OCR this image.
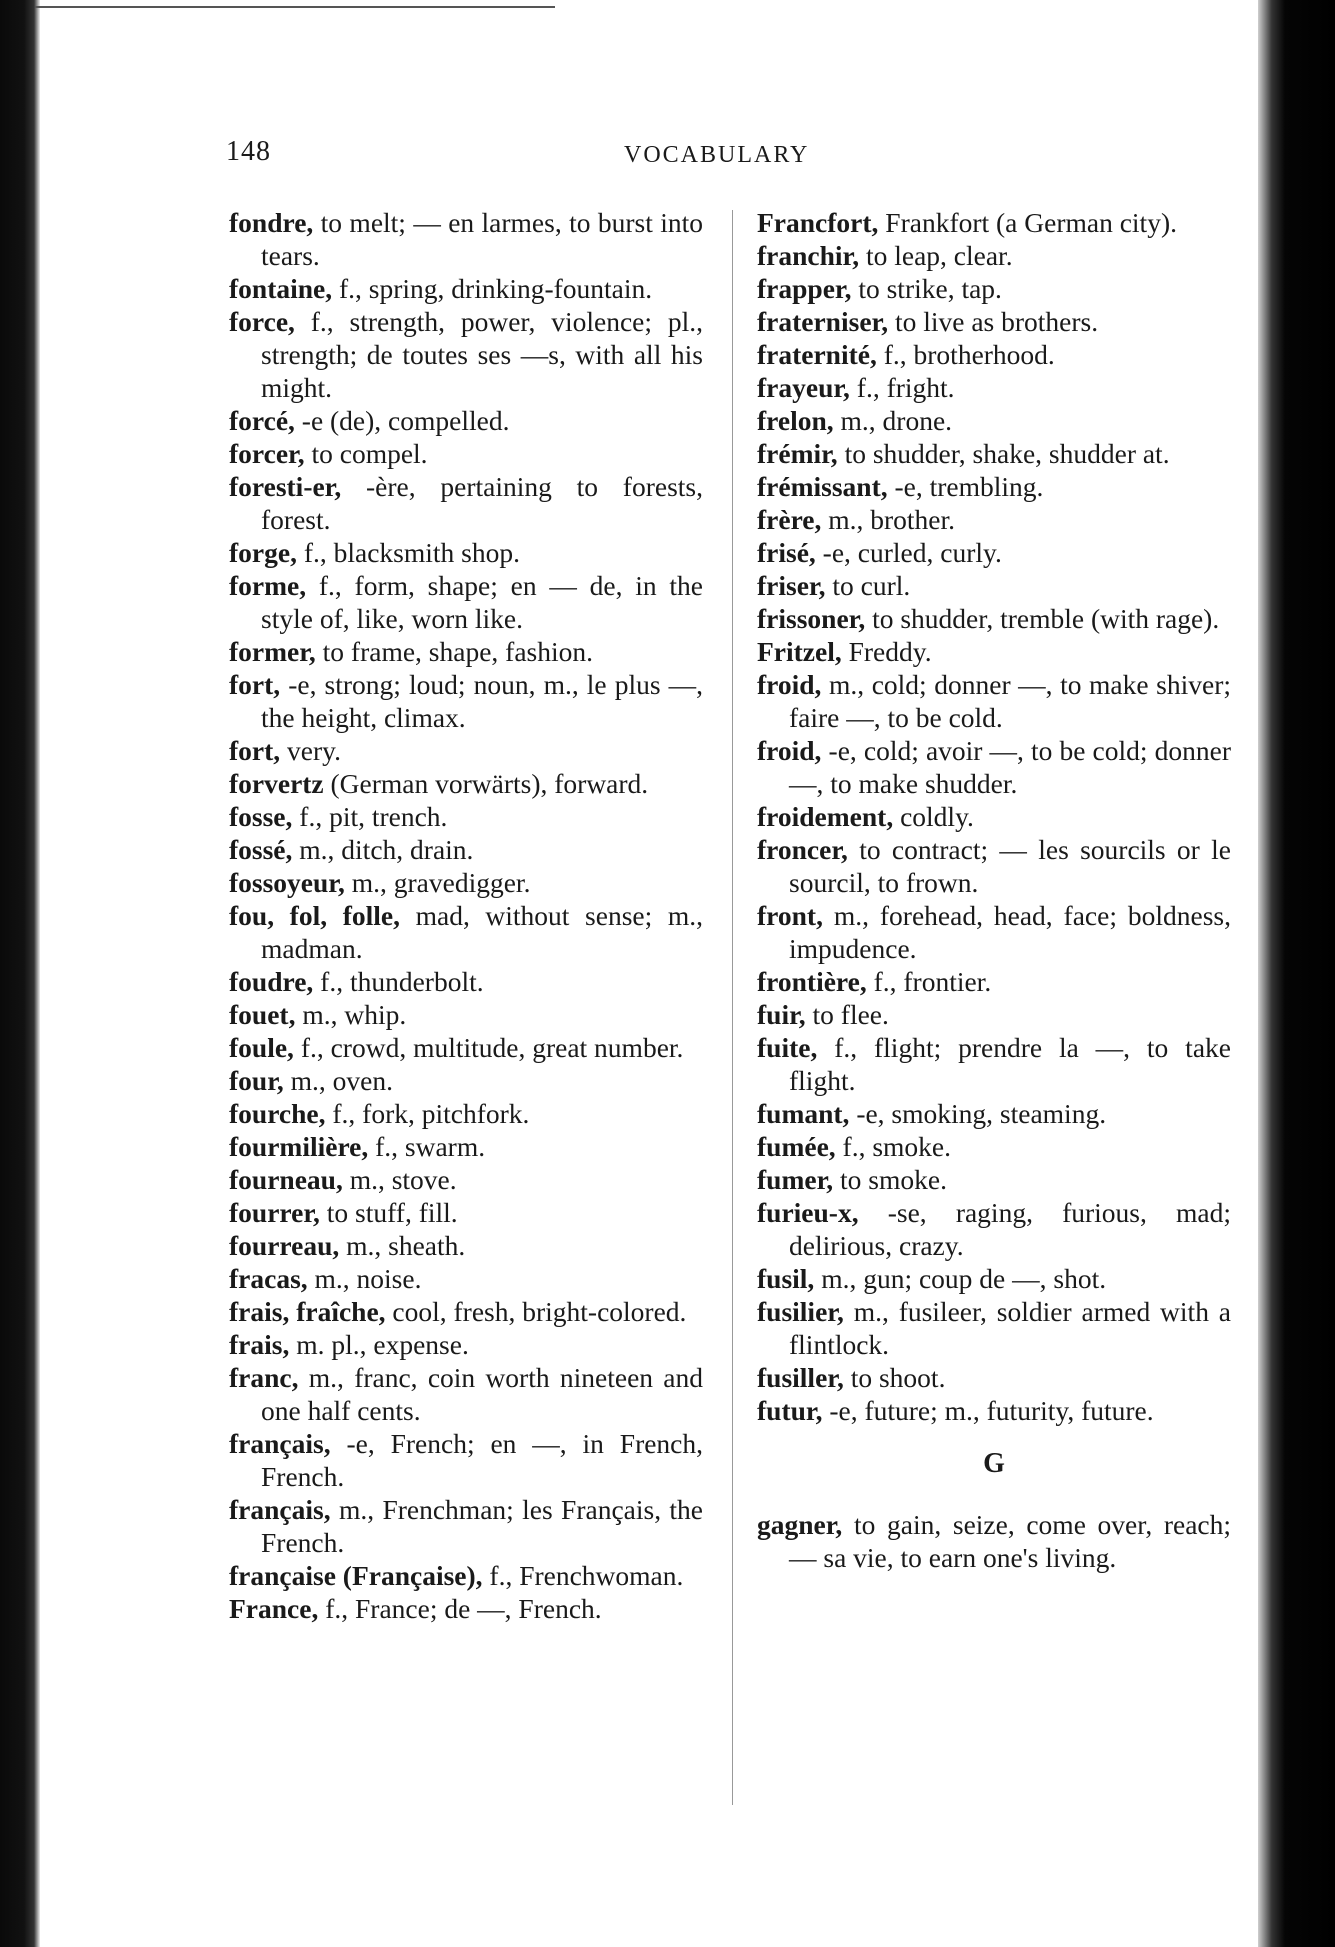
148	VOCABULARY
fondre, to melt; — en larmes, to burst into tears.
fontaine, f., spring, drinking-fountain.
force, f., strength, power, violence; pl., strength; de toutes ses —s, with all his might.
forcé, -e (de), compelled.
forcer, to compel.
foresti-er, -ère, pertaining to forests, forest.
forge, f., blacksmith shop.
forme, f., form, shape; en — de, in the style of, like, worn like.
former, to frame, shape, fashion.
fort, -e, strong; loud; noun, m., le plus —, the height, climax.
fort, very.
forvertz (German vorwärts), forward.
fosse, f., pit, trench.
fossé, m., ditch, drain.
fossoyeur, m., gravedigger.
fou, fol, folle, mad, without sense; m., madman.
foudre, f., thunderbolt.
fouet, m., whip.
foule, f., crowd, multitude, great number.
four, m., oven.
fourche, f., fork, pitchfork.
fourmilière, f., swarm.
fourneau, m., stove.
fourrer, to stuff, fill.
fourreau, m., sheath.
fracas, m., noise.
frais, fraîche, cool, fresh, bright-colored.
frais, m. pl., expense.
franc, m., franc, coin worth nineteen and one half cents.
français, -e, French; en —, in French, French.
français, m., Frenchman; les Français, the French.
française (Française), f., Frenchwoman.
France, f., France; de —, French.
Francfort, Frankfort (a German city).
franchir, to leap, clear.
frapper, to strike, tap.
fraterniser, to live as brothers.
fraternité, f., brotherhood.
frayeur, f., fright.
frelon, m., drone.
frémir, to shudder, shake, shudder at.
frémissant, -e, trembling.
frère, m., brother.
frisé, -e, curled, curly.
friser, to curl.
frissoner, to shudder, tremble (with rage).
Fritzel, Freddy.
froid, m., cold; donner —, to make shiver; faire —, to be cold.
froid, -e, cold; avoir —, to be cold; donner —, to make shudder.
froidement, coldly.
froncer, to contract; — les sourcils or le sourcil, to frown.
front, m., forehead, head, face; boldness, impudence.
frontière, f., frontier.
fuir, to flee.
fuite, f., flight; prendre la —, to take flight.
fumant, -e, smoking, steaming.
fumée, f., smoke.
fumer, to smoke.
furieu-x, -se, raging, furious, mad; delirious, crazy.
fusil, m., gun; coup de —, shot.
fusilier, m., fusileer, soldier armed with a flintlock.
fusiller, to shoot.
futur, -e, future; m., futurity, future.
G
gagner, to gain, seize, come over, reach; — sa vie, to earn one's living.
